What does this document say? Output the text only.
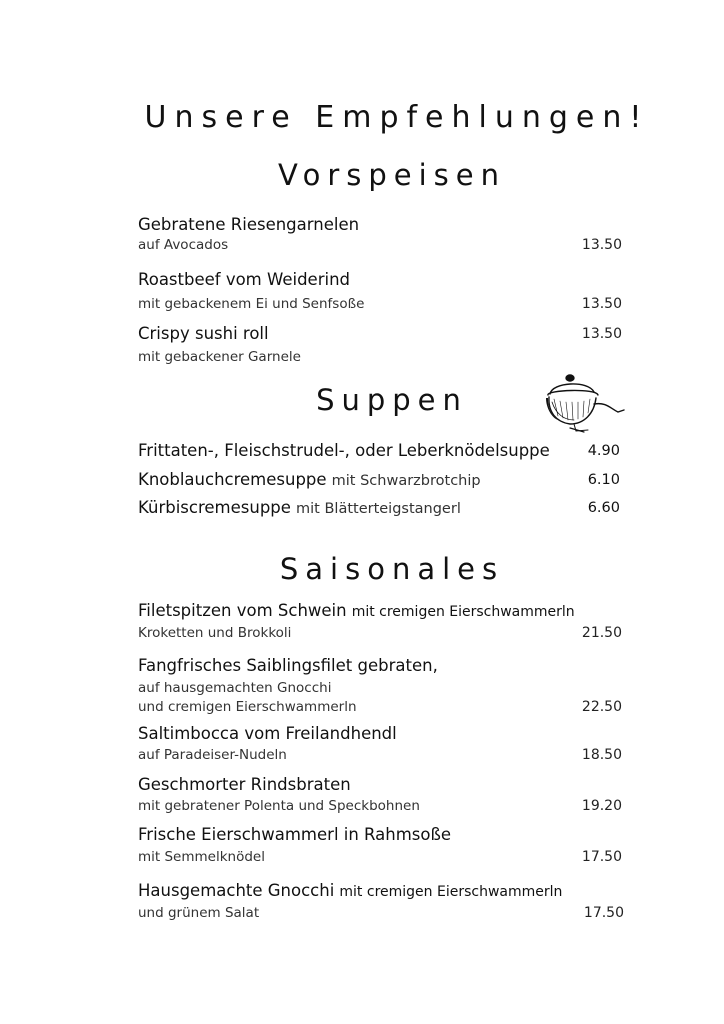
Unsere Empfehlungen!
Vorspeisen
Gebratene Riesengarnelen
auf Avocados	13.50
Roastbeef vom Weiderind
mit gebackenem Ei und Senfsoße	13.50
Crispy sushi roll	13.50
mit gebackener Garnele
Suppen
Frittaten-, Fleischstrudel-, oder Leberknödelsuppe	4.90
Knoblauchcremesuppe mit Schwarzbrotchip	6.10
Kürbiscremesuppe mit Blätterteigstangerl	6.60
Saisonales
Filetspitzen vom Schwein mit cremigen Eierschwammerln
Kroketten und Brokkoli	21.50
Fangfrisches Saiblingsfilet gebraten,
auf hausgemachten Gnocchi
und cremigen Eierschwammerln	22.50
Saltimbocca vom Freilandhendl
auf Paradeiser-Nudeln	18.50
Geschmorter Rindsbraten
mit gebratener Polenta und Speckbohnen	19.20
Frische Eierschwammerl in Rahmsoße
mit Semmelknödel	17.50
Hausgemachte Gnocchi mit cremigen Eierschwammerln
und grünem Salat	17.50
